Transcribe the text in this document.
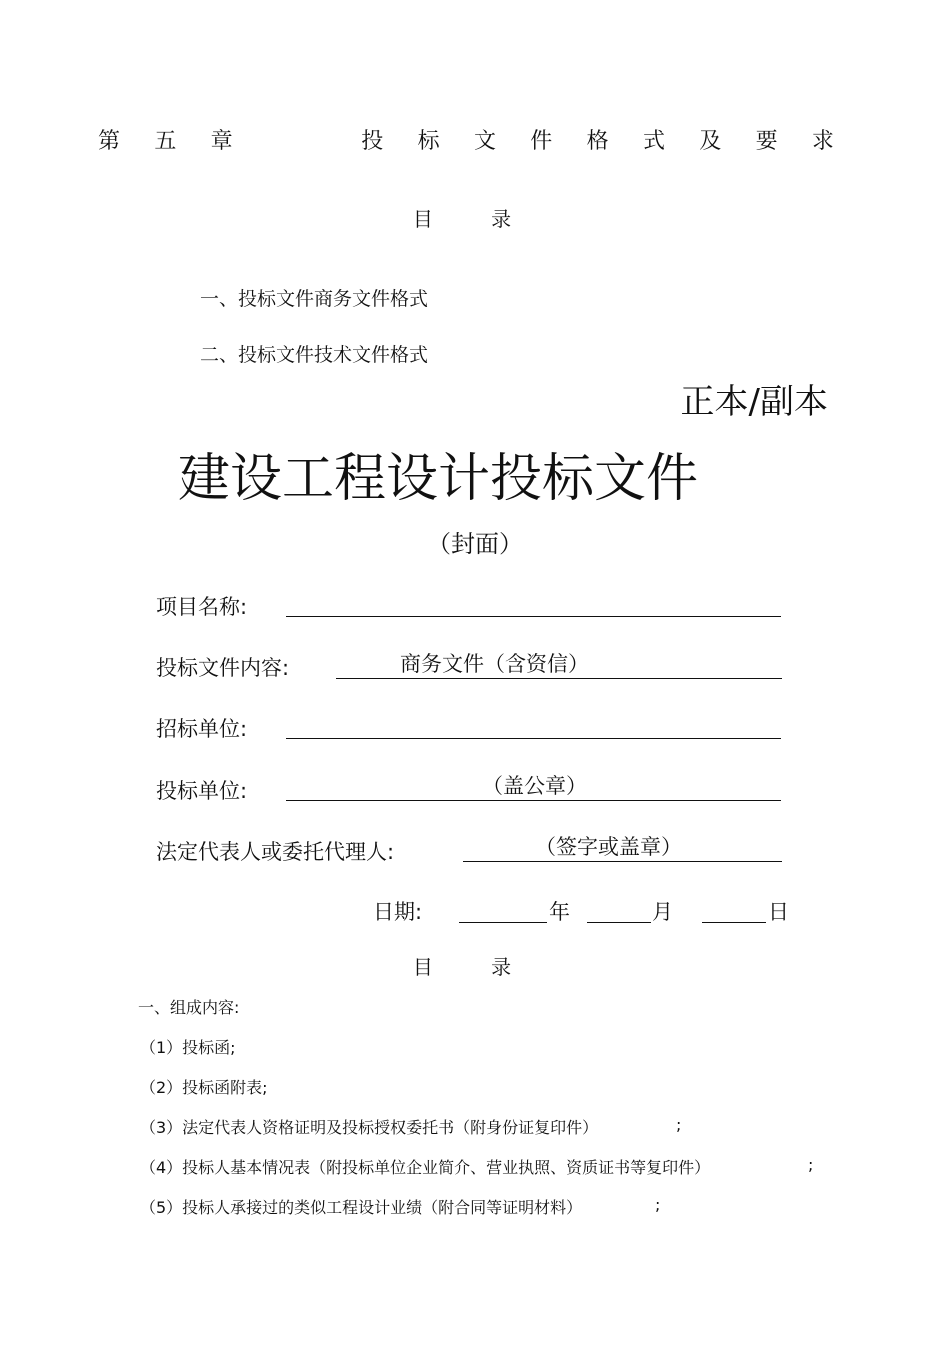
第 五 章	投 标 文 件 格 式 及 要 求
目 录
一、投标文件商务文件格式
二、投标文件技术文件格式
正本/副本
建设工程设计投标文件
（封面）
项目名称:
投标文件内容:	商务文件（含资信）
招标单位:
投标单位:	（盖公章）
法定代表人或委托代理人:	（签字或盖章）
日期:	年	月	日
目 录
一、组成内容:
（1）投标函;
（2）投标函附表;
（3）法定代表人资格证明及投标授权委托书（附身份证复印件）	;
（4）投标人基本情况表（附投标单位企业简介、营业执照、资质证书等复印件）	;
（5）投标人承接过的类似工程设计业绩（附合同等证明材料）	;
